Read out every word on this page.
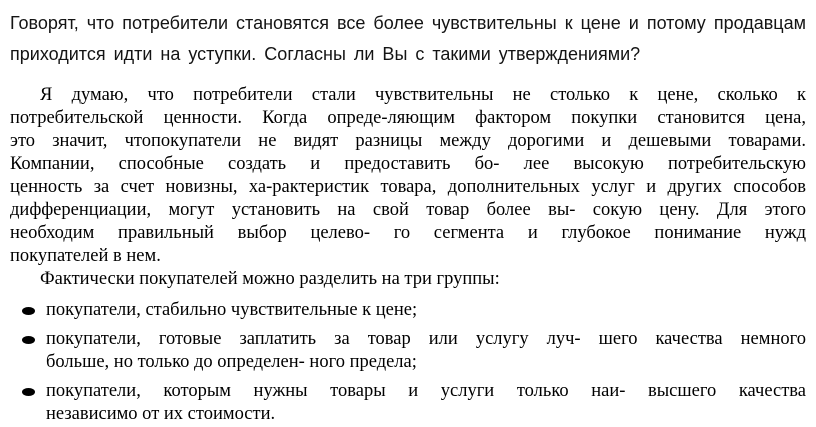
Говорят, что потребители становятся все более чувствительны к цене и потому продавцам
приходится идти на уступки. Согласны ли Вы с такими утверждениями?
Я думаю, что потребители стали чувствительны не столько к цене, сколько к
потребительской ценности. Когда опреде-ляющим фактором покупки становится цена,
это значит, чтопокупатели не видят разницы между дорогими и дешевыми товарами.
Компании, способные создать и предоставить бо- лее высокую потребительскую
ценность за счет новизны, ха-рактеристик товара, дополнительных услуг и других способов
дифференциации, могут установить на свой товар более вы- сокую цену. Для этого
необходим правильный выбор целево- го сегмента и глубокое понимание нужд
покупателей в нем.
Фактически покупателей можно разделить на три группы:
покупатели, стабильно чувствительные к цене;
покупатели, готовые заплатить за товар или услугу луч- шего качества немного
больше, но только до определен- ного предела;
покупатели, которым нужны товары и услуги только наи- высшего качества
независимо от их стоимости.
